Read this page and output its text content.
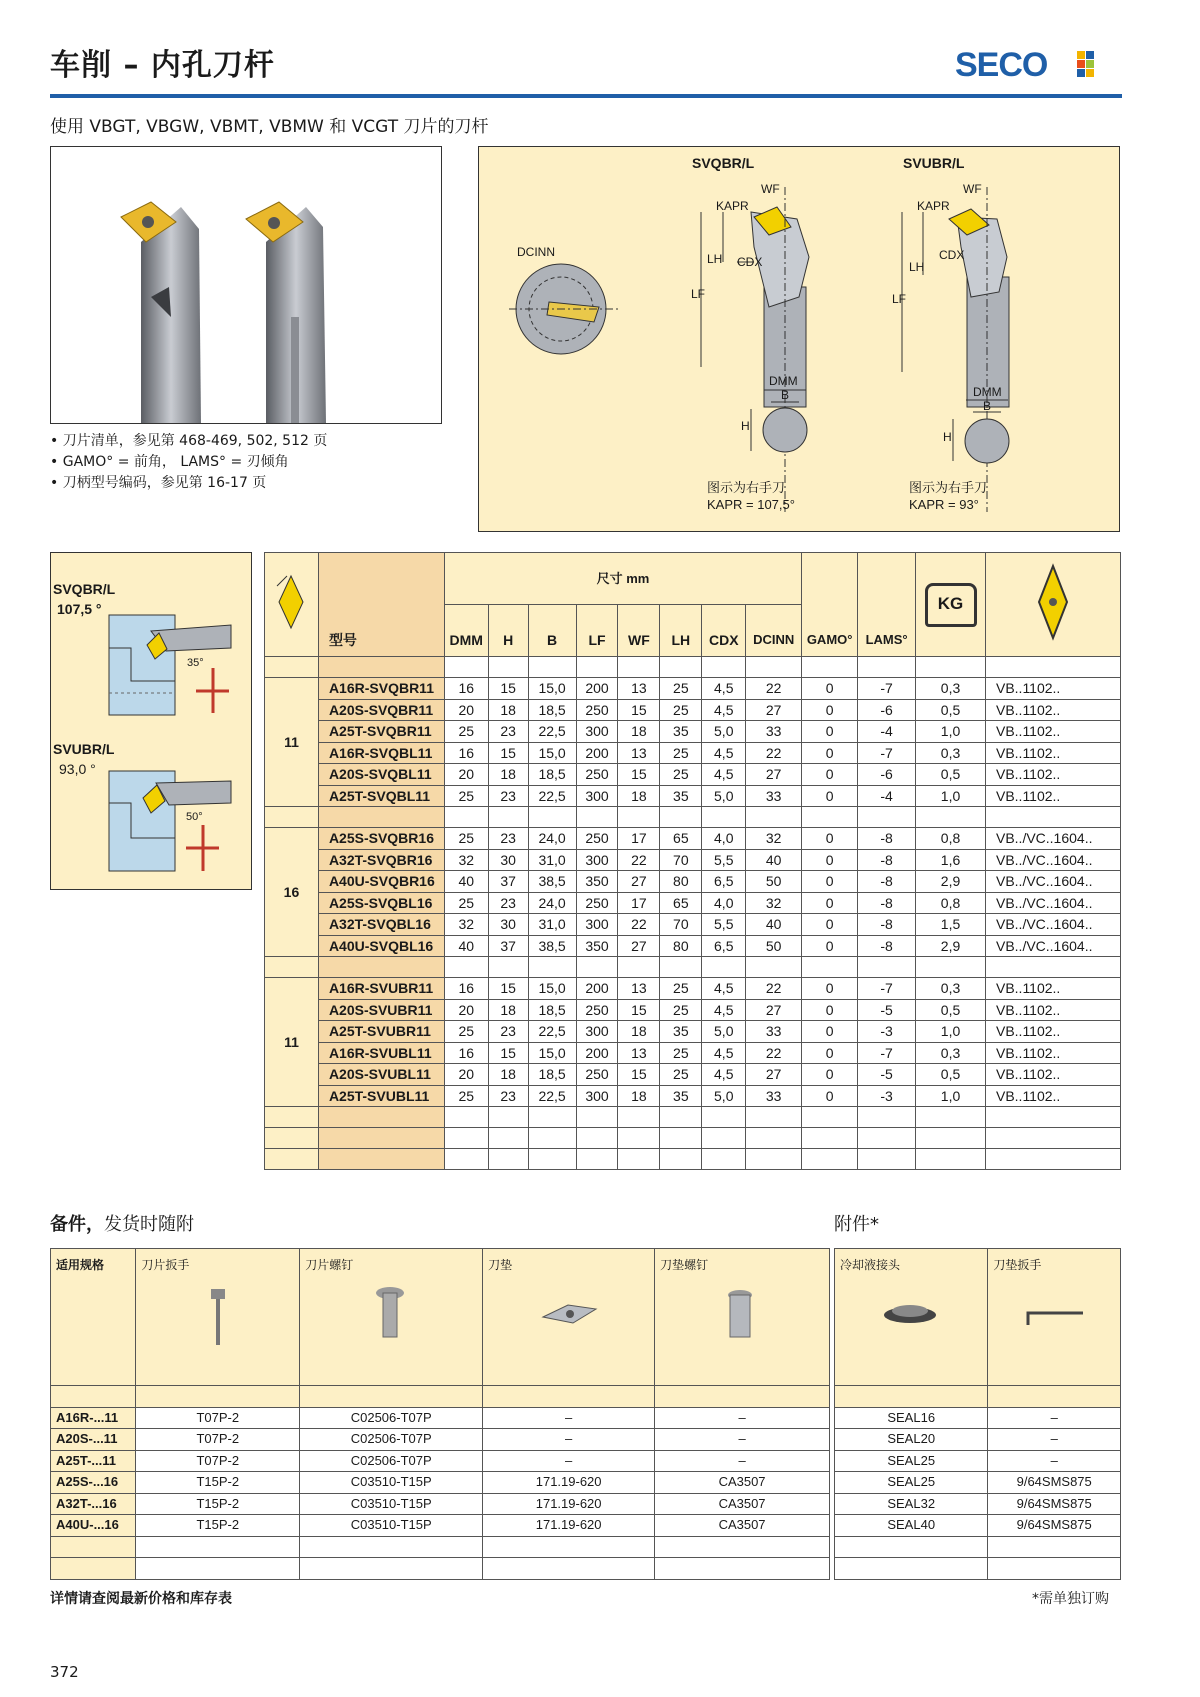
车削 – 内孔刀杆	SECO
使用 VBGT, VBGW, VBMT, VBMW 和 VCGT 刀片的刀杆
• 刀片清单，参见第 468-469, 502, 512 页
• GAMO° = 前角， LAMS° = 刃倾角
• 刀柄型号编码，参见第 16-17 页
SVQBR/L	SVUBR/L
WF
KAPR
LH CDX
LF
DCINN
DMM
B
H
WF
KAPR
LH
CDX
LF
DMM
B
H
图示为右手刀
KAPR = 107,5°
图示为右手刀
KAPR = 93°
SVQBR/L
107,5 °
SVUBR/L
93,0 °
35°
50°
	型号	尺寸 mm								GAMO°	LAMS°	KG

		DMM	H	B	LF	WF	LH	CDX	DCINN				

11	A16R-SVQBR11	16	15	15,0	200	13	25	4,5	22	0	-7	0,3	VB..1102..
	A20S-SVQBR11	20	18	18,5	250	15	25	4,5	27	0	-6	0,5	VB..1102..
	A25T-SVQBR11	25	23	22,5	300	18	35	5,0	33	0	-4	1,0	VB..1102..
	A16R-SVQBL11	16	15	15,0	200	13	25	4,5	22	0	-7	0,3	VB..1102..
	A20S-SVQBL11	20	18	18,5	250	15	25	4,5	27	0	-6	0,5	VB..1102..
	A25T-SVQBL11	25	23	22,5	300	18	35	5,0	33	0	-4	1,0	VB..1102..

16	A25S-SVQBR16	25	23	24,0	250	17	65	4,0	32	0	-8	0,8	VB../VC..1604..
	A32T-SVQBR16	32	30	31,0	300	22	70	5,5	40	0	-8	1,6	VB../VC..1604..
	A40U-SVQBR16	40	37	38,5	350	27	80	6,5	50	0	-8	2,9	VB../VC..1604..
	A25S-SVQBL16	25	23	24,0	250	17	65	4,0	32	0	-8	0,8	VB../VC..1604..
	A32T-SVQBL16	32	30	31,0	300	22	70	5,5	40	0	-8	1,5	VB../VC..1604..
	A40U-SVQBL16	40	37	38,5	350	27	80	6,5	50	0	-8	2,9	VB../VC..1604..

11	A16R-SVUBR11	16	15	15,0	200	13	25	4,5	22	0	-7	0,3	VB..1102..
	A20S-SVUBR11	20	18	18,5	250	15	25	4,5	27	0	-5	0,5	VB..1102..
	A25T-SVUBR11	25	23	22,5	300	18	35	5,0	33	0	-3	1,0	VB..1102..
	A16R-SVUBL11	16	15	15,0	200	13	25	4,5	22	0	-7	0,3	VB..1102..
	A20S-SVUBL11	20	18	18,5	250	15	25	4,5	27	0	-5	0,5	VB..1102..
	A25T-SVUBL11	25	23	22,5	300	18	35	5,0	33	0	-3	1,0	VB..1102..

备件，发货时随附	附件*
适用规格	刀片扳手	刀片螺钉	刀垫	刀垫螺钉

A16R-...11	T07P-2	C02506-T07P	–	–
A20S-...11	T07P-2	C02506-T07P	–	–
A25T-...11	T07P-2	C02506-T07P	–	–
A25S-...16	T15P-2	C03510-T15P	171.19-620	CA3507
A32T-...16	T15P-2	C03510-T15P	171.19-620	CA3507
A40U-...16	T15P-2	C03510-T15P	171.19-620	CA3507

冷却液接头	刀垫扳手

SEAL16	–
SEAL20	–
SEAL25	–
SEAL25	9/64SMS875
SEAL32	9/64SMS875
SEAL40	9/64SMS875

详情请查阅最新价格和库存表	*需单独订购
372
